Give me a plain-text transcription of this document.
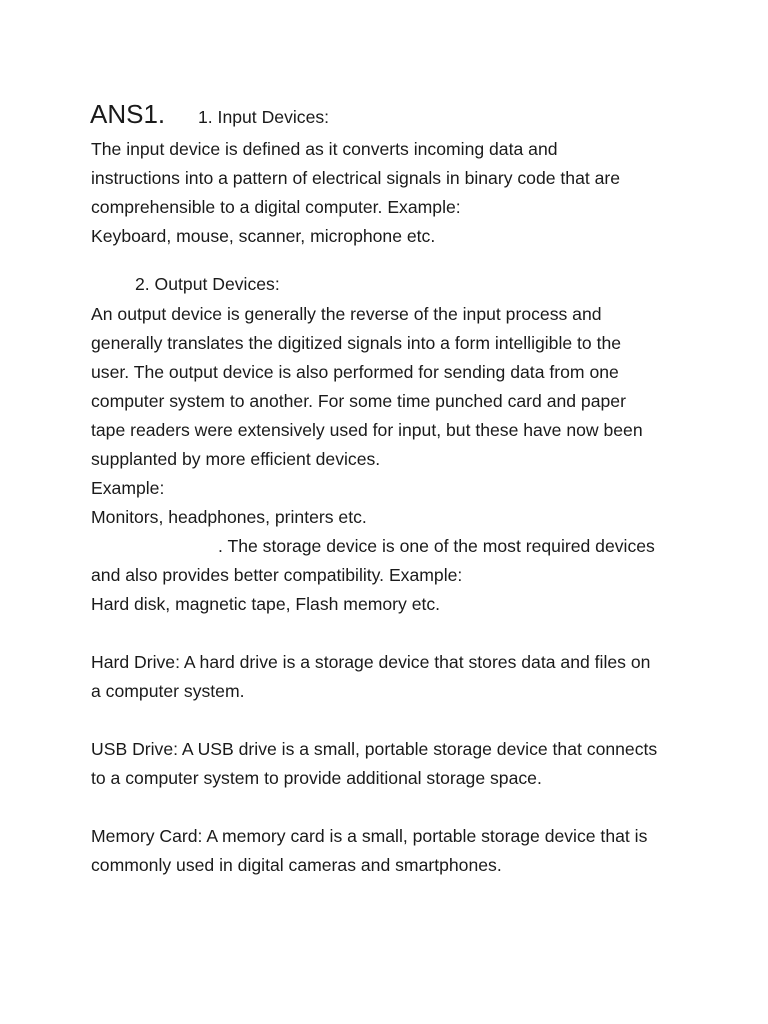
ANS1. 1. Input Devices:
The input device is defined as it converts incoming data and
instructions into a pattern of electrical signals in binary code that are
comprehensible to a digital computer. Example:
Keyboard, mouse, scanner, microphone etc.
2. Output Devices:
An output device is generally the reverse of the input process and
generally translates the digitized signals into a form intelligible to the
user. The output device is also performed for sending data from one
computer system to another. For some time punched card and paper
tape readers were extensively used for input, but these have now been
supplanted by more efficient devices.
Example:
Monitors, headphones, printers etc.
. The storage device is one of the most required devices
and also provides better compatibility. Example:
Hard disk, magnetic tape, Flash memory etc.
Hard Drive: A hard drive is a storage device that stores data and files on
a computer system.
USB Drive: A USB drive is a small, portable storage device that connects
to a computer system to provide additional storage space.
Memory Card: A memory card is a small, portable storage device that is
commonly used in digital cameras and smartphones.
